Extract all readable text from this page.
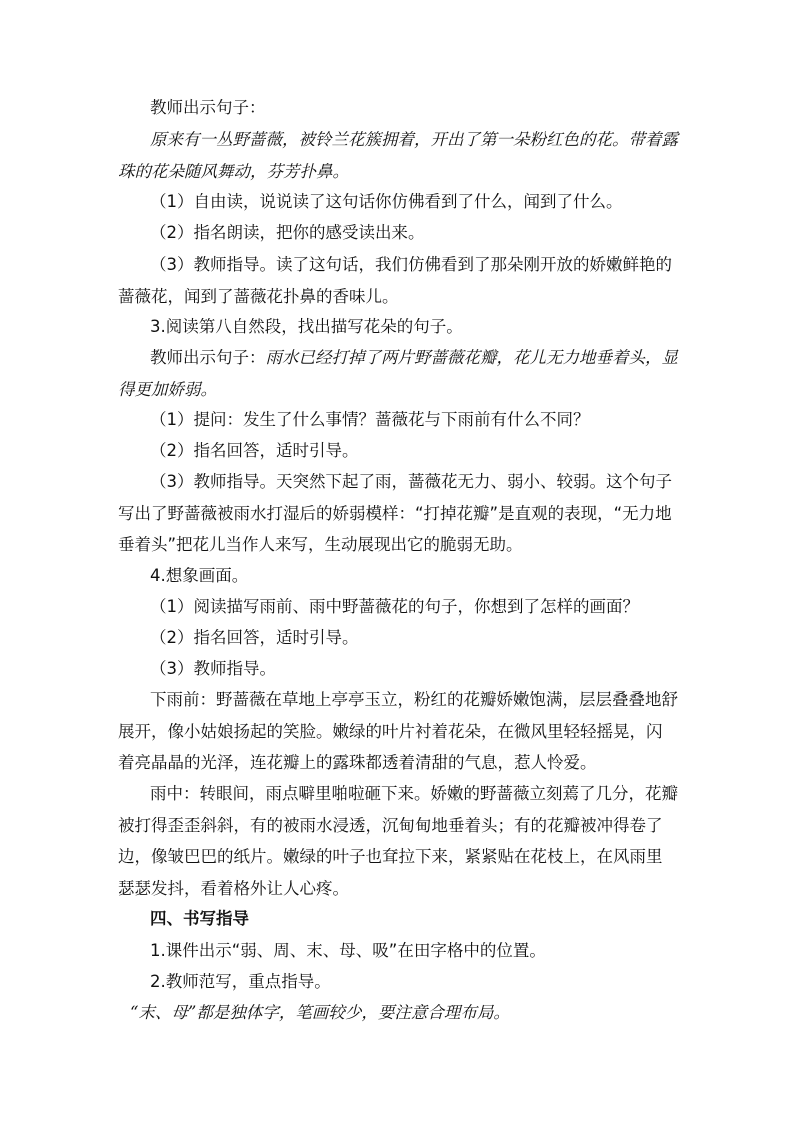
教师出示句子：

原来有一丛野蔷薇，被铃兰花簇拥着，开出了第一朵粉红色的花。带着露珠的花朵随风舞动，芬芳扑鼻。

（1）自由读，说说读了这句话你仿佛看到了什么，闻到了什么。

（2）指名朗读，把你的感受读出来。

（3）教师指导。读了这句话，我们仿佛看到了那朵刚开放的娇嫩鲜艳的蔷薇花，闻到了蔷薇花扑鼻的香味儿。

3.阅读第八自然段，找出描写花朵的句子。

教师出示句子：雨水已经打掉了两片野蔷薇花瓣，花儿无力地垂着头，显得更加娇弱。

（1）提问：发生了什么事情？蔷薇花与下雨前有什么不同？

（2）指名回答，适时引导。

（3）教师指导。天突然下起了雨，蔷薇花无力、弱小、较弱。这个句子写出了野蔷薇被雨水打湿后的娇弱模样：“打掉花瓣”是直观的表现，“无力地垂着头”把花儿当作人来写，生动展现出它的脆弱无助。

4.想象画面。

（1）阅读描写雨前、雨中野蔷薇花的句子，你想到了怎样的画面？

（2）指名回答，适时引导。

（3）教师指导。

下雨前：野蔷薇在草地上亭亭玉立，粉红的花瓣娇嫩饱满，层层叠叠地舒展开，像小姑娘扬起的笑脸。嫩绿的叶片衬着花朵，在微风里轻轻摇晃，闪着亮晶晶的光泽，连花瓣上的露珠都透着清甜的气息，惹人怜爱。

雨中：转眼间，雨点噼里啪啦砸下来。娇嫩的野蔷薇立刻蔫了几分，花瓣被打得歪歪斜斜，有的被雨水浸透，沉甸甸地垂着头；有的花瓣被冲得卷了边，像皱巴巴的纸片。嫩绿的叶子也耷拉下来，紧紧贴在花枝上，在风雨里瑟瑟发抖，看着格外让人心疼。

四、书写指导

1.课件出示“弱、周、末、母、吸”在田字格中的位置。

2.教师范写，重点指导。

“末、母”都是独体字，笔画较少，要注意合理布局。
